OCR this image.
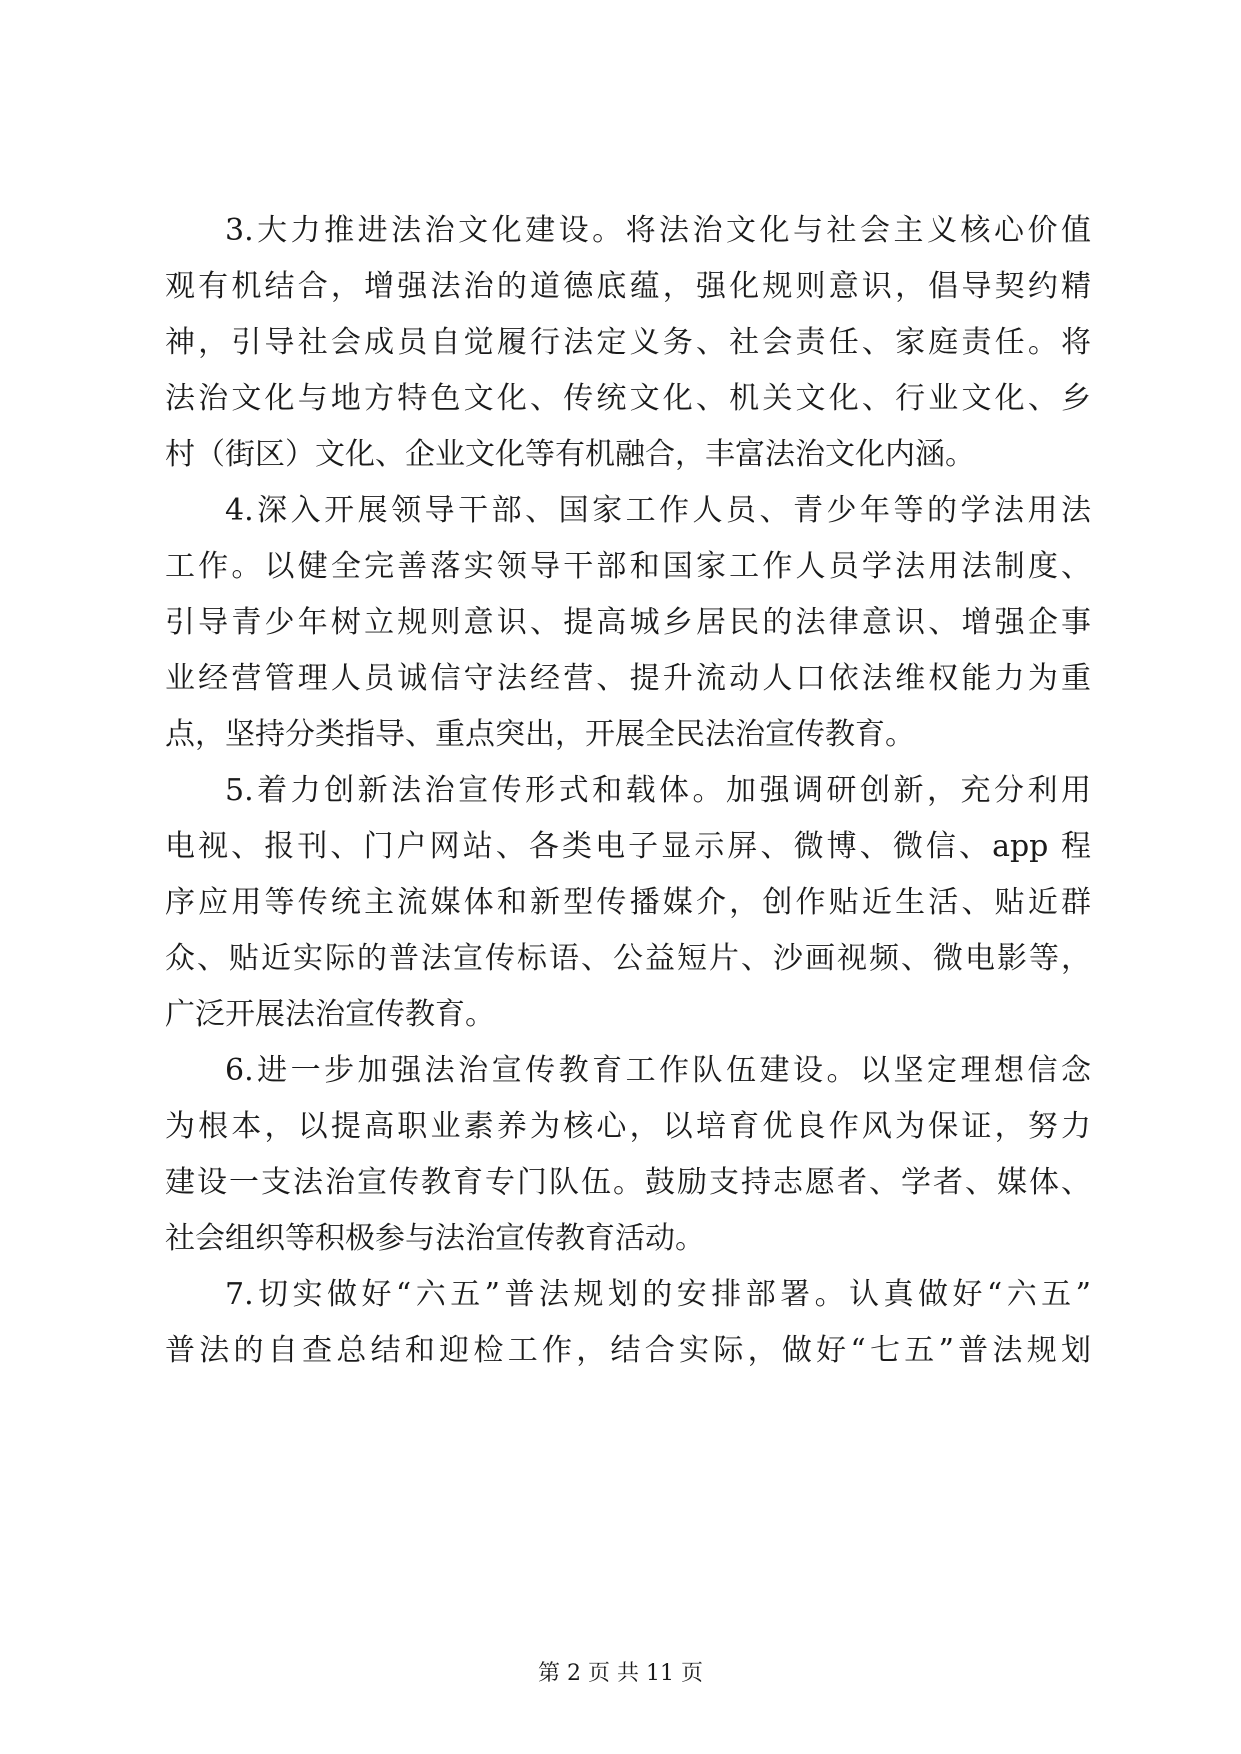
3.大力推进法治文化建设。将法治文化与社会主义核心价值
观有机结合，增强法治的道德底蕴，强化规则意识，倡导契约精
神，引导社会成员自觉履行法定义务、社会责任、家庭责任。将
法治文化与地方特色文化、传统文化、机关文化、行业文化、乡
村（街区）文化、企业文化等有机融合，丰富法治文化内涵。
4.深入开展领导干部、国家工作人员、青少年等的学法用法
工作。以健全完善落实领导干部和国家工作人员学法用法制度、
引导青少年树立规则意识、提高城乡居民的法律意识、增强企事
业经营管理人员诚信守法经营、提升流动人口依法维权能力为重
点，坚持分类指导、重点突出，开展全民法治宣传教育。
5.着力创新法治宣传形式和载体。加强调研创新，充分利用
电视、报刊、门户网站、各类电子显示屏、微博、微信、app 程
序应用等传统主流媒体和新型传播媒介，创作贴近生活、贴近群
众、贴近实际的普法宣传标语、公益短片、沙画视频、微电影等，
广泛开展法治宣传教育。
6.进一步加强法治宣传教育工作队伍建设。以坚定理想信念
为根本，以提高职业素养为核心，以培育优良作风为保证，努力
建设一支法治宣传教育专门队伍。鼓励支持志愿者、学者、媒体、
社会组织等积极参与法治宣传教育活动。
7.切实做好“六五”普法规划的安排部署。认真做好“六五”
普法的自查总结和迎检工作，结合实际，做好“七五”普法规划
第 2 页 共 11 页
